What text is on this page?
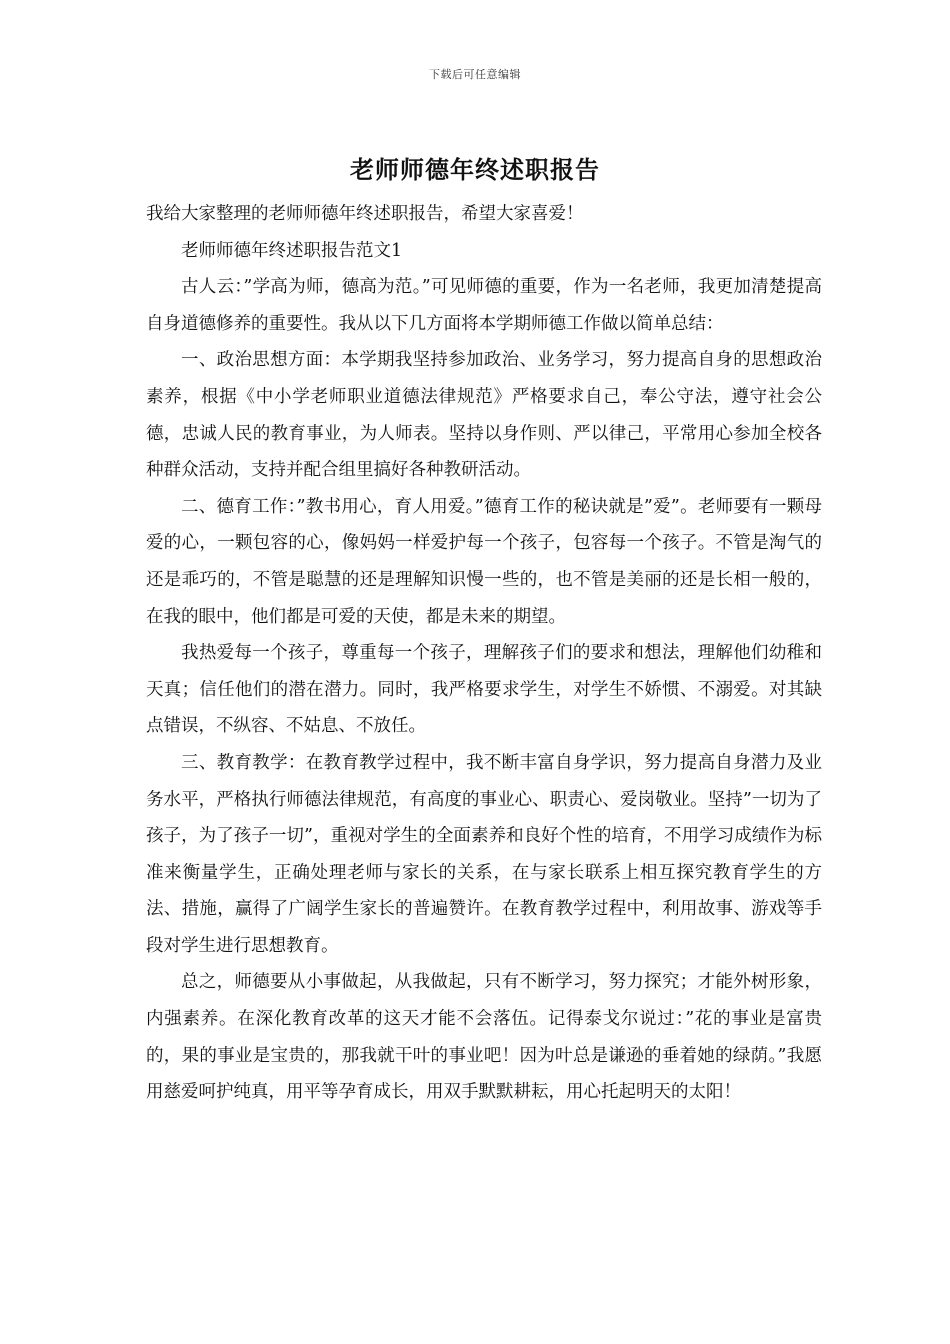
下载后可任意编辑
老师师德年终述职报告

我给大家整理的老师师德年终述职报告，希望大家喜爱！

老师师德年终述职报告范文1

古人云：”学高为师，德高为范。”可见师德的重要，作为一名老师，我更加清楚提高自身道德修养的重要性。我从以下几方面将本学期师德工作做以简单总结：

一、政治思想方面：本学期我坚持参加政治、业务学习，努力提高自身的思想政治素养，根据《中小学老师职业道德法律规范》严格要求自己，奉公守法，遵守社会公德，忠诚人民的教育事业，为人师表。坚持以身作则、严以律己，平常用心参加全校各种群众活动，支持并配合组里搞好各种教研活动。

二、德育工作：”教书用心，育人用爱。”德育工作的秘诀就是”爱”。老师要有一颗母爱的心，一颗包容的心，像妈妈一样爱护每一个孩子，包容每一个孩子。不管是淘气的还是乖巧的，不管是聪慧的还是理解知识慢一些的，也不管是美丽的还是长相一般的，在我的眼中，他们都是可爱的天使，都是未来的期望。

我热爱每一个孩子，尊重每一个孩子，理解孩子们的要求和想法，理解他们幼稚和天真；信任他们的潜在潜力。同时，我严格要求学生，对学生不娇惯、不溺爱。对其缺点错误，不纵容、不姑息、不放任。

三、教育教学：在教育教学过程中，我不断丰富自身学识，努力提高自身潜力及业务水平，严格执行师德法律规范，有高度的事业心、职责心、爱岗敬业。坚持”一切为了孩子，为了孩子一切”，重视对学生的全面素养和良好个性的培育，不用学习成绩作为标准来衡量学生，正确处理老师与家长的关系，在与家长联系上相互探究教育学生的方法、措施，赢得了广阔学生家长的普遍赞许。在教育教学过程中，利用故事、游戏等手段对学生进行思想教育。

总之，师德要从小事做起，从我做起，只有不断学习，努力探究；才能外树形象，内强素养。在深化教育改革的这天才能不会落伍。记得泰戈尔说过：”花的事业是富贵的，果的事业是宝贵的，那我就干叶的事业吧！因为叶总是谦逊的垂着她的绿荫。”我愿用慈爱呵护纯真，用平等孕育成长，用双手默默耕耘，用心托起明天的太阳！
